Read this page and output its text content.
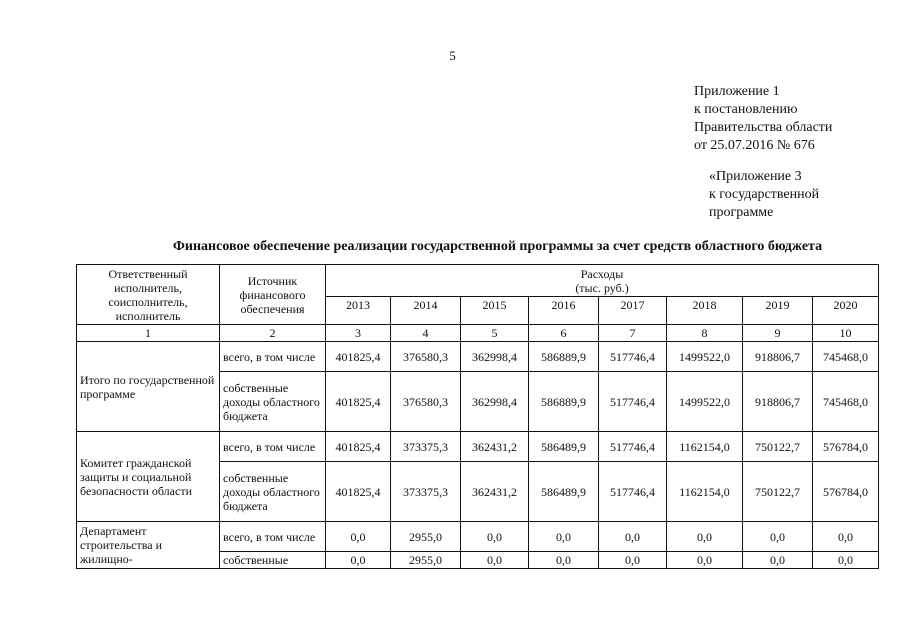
5
Приложение 1
к постановлению
Правительства области
от 25.07.2016 № 676
«Приложение 3
к государственной
программе
Финансовое обеспечение реализации государственной программы за счет средств областного бюджета
Ответственный исполнитель, соисполнитель, исполнитель	Источник финансового обеспечения	Расходы
(тыс. руб.)							

		2013	2014	2015	2016	2017	2018	2019	2020
1	2	3	4	5	6	7	8	9	10
Итого по государственной программе	всего, в том числе	401825,4	376580,3	362998,4	586889,9	517746,4	1499522,0	918806,7	745468,0
	собственные доходы областного бюджета	401825,4	376580,3	362998,4	586889,9	517746,4	1499522,0	918806,7	745468,0
Комитет гражданской защиты и социальной безопасности области	всего, в том числе	401825,4	373375,3	362431,2	586489,9	517746,4	1162154,0	750122,7	576784,0
	собственные доходы областного бюджета	401825,4	373375,3	362431,2	586489,9	517746,4	1162154,0	750122,7	576784,0
Департамент строительства и жилищно-	всего, в том числе	0,0	2955,0	0,0	0,0	0,0	0,0	0,0	0,0
	собственные	0,0	2955,0	0,0	0,0	0,0	0,0	0,0	0,0
